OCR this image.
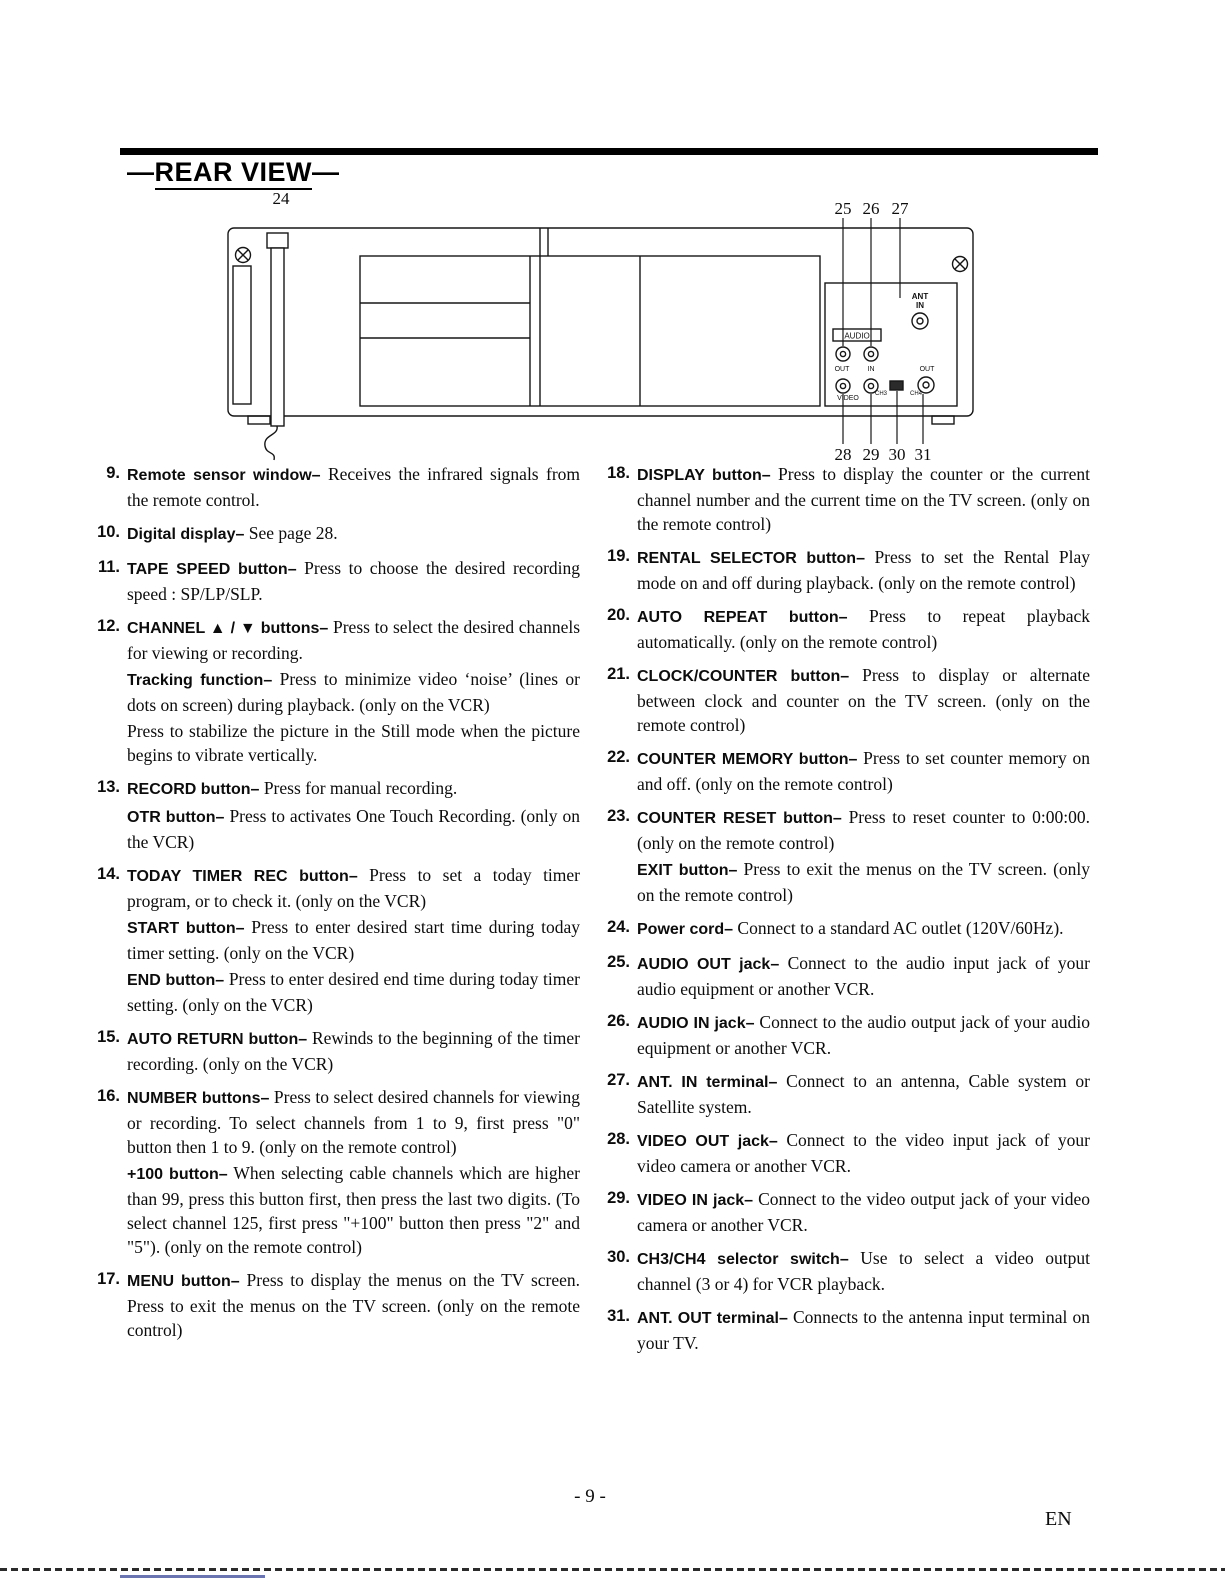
—REAR VIEW—
ANT
IN
AUDIO
OUT	IN	OUT
VIDEO
CH3	CH4
24
25 26 27
28 29 30 31
9. Remote sensor window– Receives the infrared signals from the remote control.

10. Digital display– See page 28.

11. TAPE SPEED button– Press to choose the desired recording speed : SP/LP/SLP.

12. CHANNEL ▲ / ▼ buttons– Press to select the desired channels for viewing or recording.

Tracking function– Press to minimize video ‘noise’ (lines or dots on screen) during playback. (only on the VCR)

Press to stabilize the picture in the Still mode when the picture begins to vibrate vertically.

13. RECORD button– Press for manual recording.

OTR button– Press to activates One Touch Recording. (only on the VCR)

14. TODAY TIMER REC button– Press to set a today timer program, or to check it. (only on the VCR)

START button– Press to enter desired start time during today timer setting. (only on the VCR)

END button– Press to enter desired end time during today timer setting. (only on the VCR)

15. AUTO RETURN button– Rewinds to the beginning of the timer recording. (only on the VCR)

16. NUMBER buttons– Press to select desired channels for viewing or recording. To select channels from 1 to 9, first press "0" button then 1 to 9. (only on the remote control)

+100 button– When selecting cable channels which are higher than 99, press this button first, then press the last two digits. (To select channel 125, first press "+100" button then press "2" and "5"). (only on the remote control)

17. MENU button– Press to display the menus on the TV screen. Press to exit the menus on the TV screen. (only on the remote control)

18. DISPLAY button– Press to display the counter or the current channel number and the current time on the TV screen. (only on the remote control)

19. RENTAL SELECTOR button– Press to set the Rental Play mode on and off during playback. (only on the remote control)

20. AUTO REPEAT button– Press to repeat playback automatically. (only on the remote control)

21. CLOCK/COUNTER button– Press to display or alternate between clock and counter on the TV screen. (only on the remote control)

22. COUNTER MEMORY button– Press to set counter memory on and off. (only on the remote control)

23. COUNTER RESET button– Press to reset counter to 0:00:00. (only on the remote control)

EXIT button– Press to exit the menus on the TV screen. (only on the remote control)

24. Power cord– Connect to a standard AC outlet (120V/60Hz).

25. AUDIO OUT jack– Connect to the audio input jack of your audio equipment or another VCR.

26. AUDIO IN jack– Connect to the audio output jack of your audio equipment or another VCR.

27. ANT. IN terminal– Connect to an antenna, Cable system or Satellite system.

28. VIDEO OUT jack– Connect to the video input jack of your video camera or another VCR.

29. VIDEO IN jack– Connect to the video output jack of your video camera or another VCR.

30. CH3/CH4 selector switch– Use to select a video output channel (3 or 4) for VCR playback.

31. ANT. OUT terminal– Connects to the antenna input terminal on your TV.

- 9 -
EN
